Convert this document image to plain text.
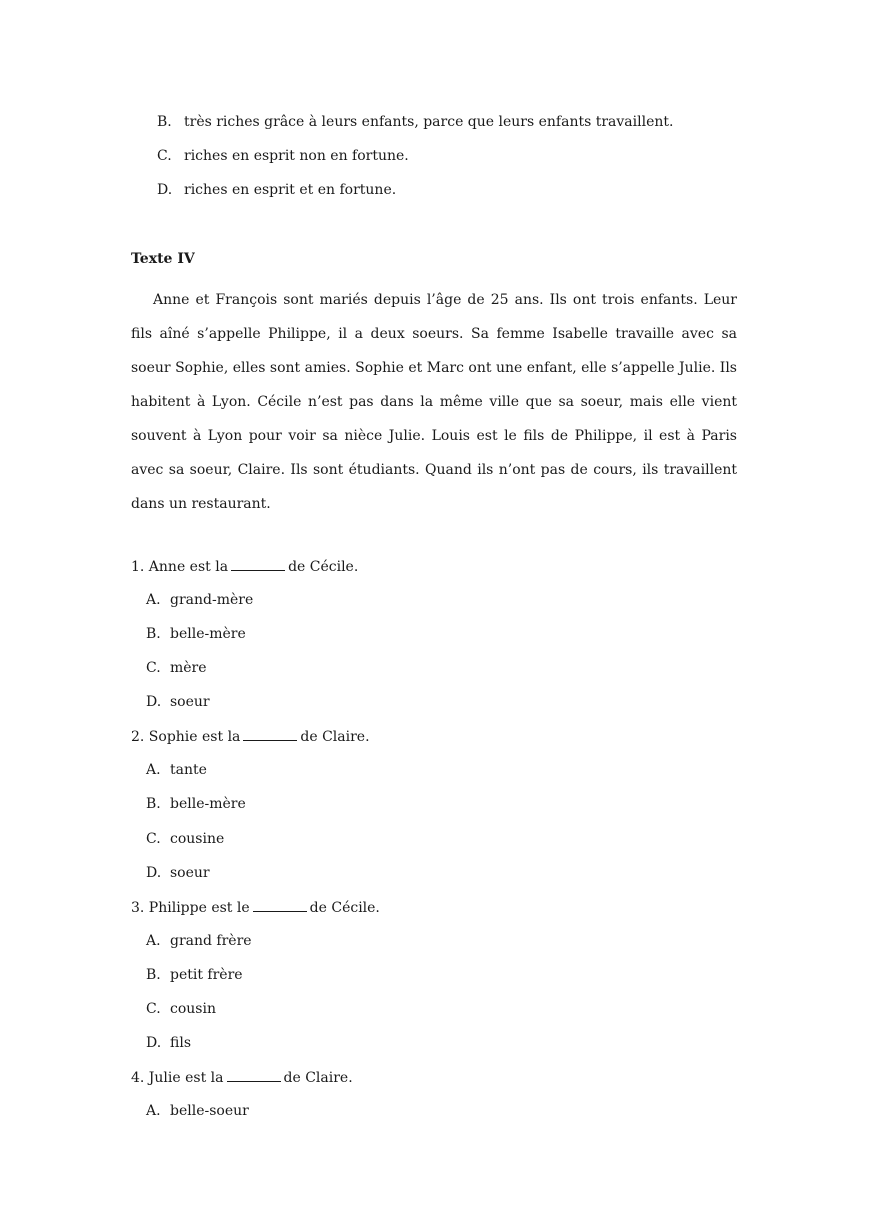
B. très riches grâce à leurs enfants, parce que leurs enfants travaillent.
C. riches en esprit non en fortune.
D. riches en esprit et en fortune.
Texte IV
Anne et François sont mariés depuis l’âge de 25 ans. Ils ont trois enfants. Leur fils aîné s’appelle Philippe, il a deux soeurs. Sa femme Isabelle travaille avec sa soeur Sophie, elles sont amies. Sophie et Marc ont une enfant, elle s’appelle Julie. Ils habitent à Lyon. Cécile n’est pas dans la même ville que sa soeur, mais elle vient souvent à Lyon pour voir sa nièce Julie. Louis est le fils de Philippe, il est à Paris avec sa soeur, Claire. Ils sont étudiants. Quand ils n’ont pas de cours, ils travaillent dans un restaurant.
1. Anne est la	de Cécile.
A. grand-mère
B. belle-mère
C. mère
D. soeur
2. Sophie est la	de Claire.
A. tante
B. belle-mère
C. cousine
D. soeur
3. Philippe est le	de Cécile.
A. grand frère
B. petit frère
C. cousin
D. fils
4. Julie est la	de Claire.
A. belle-soeur
